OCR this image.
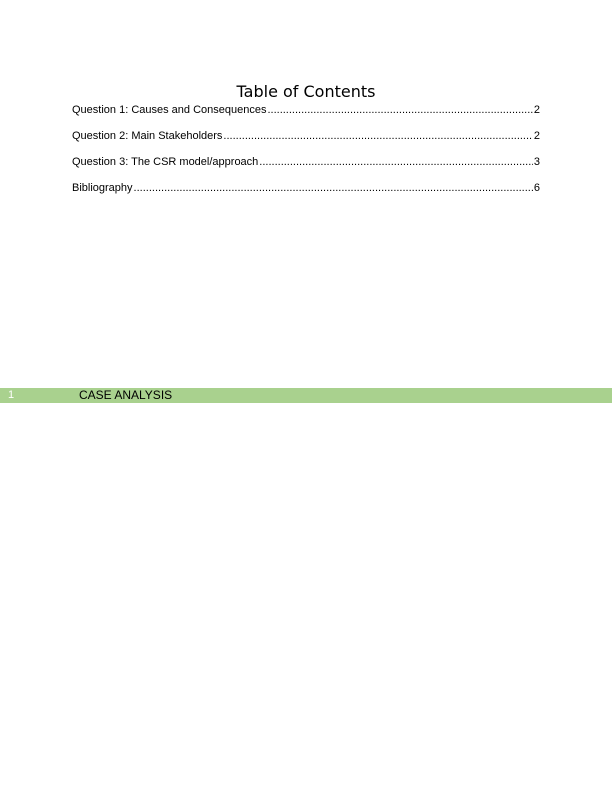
Table of Contents
Question 1: Causes and Consequences .....	2
Question 2: Main Stakeholders .....	2
Question 3: The CSR model/approach .....	3
Bibliography .....	6
1	CASE ANALYSIS
